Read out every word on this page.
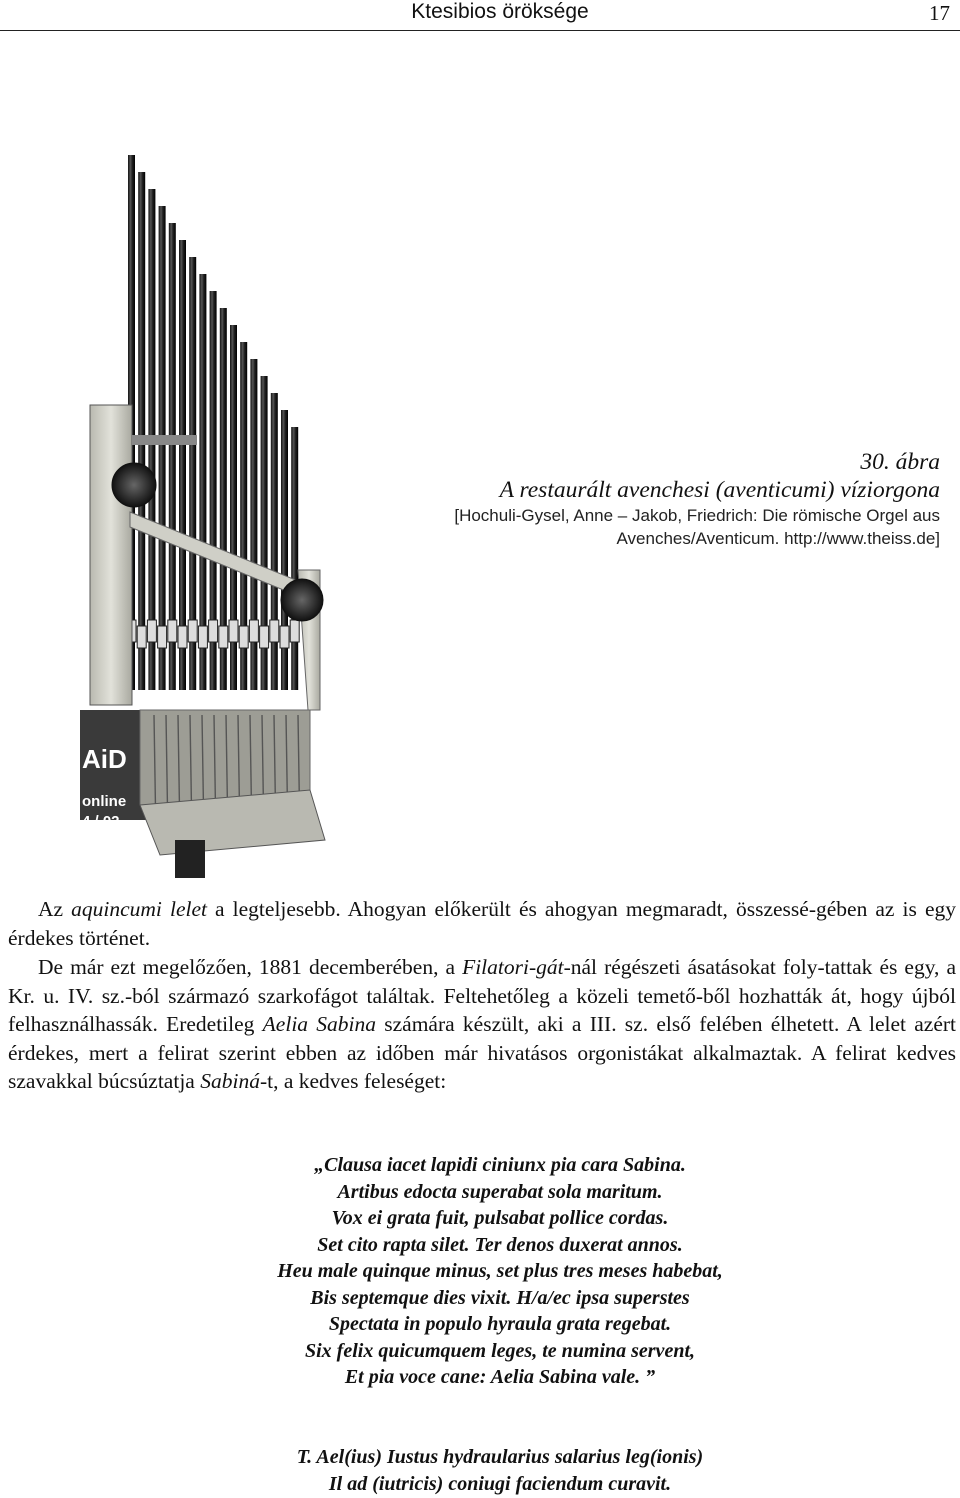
Ktesibios öröksége	17
AiD
online
4 / 02
30. ábra
A restaurált avenchesi (aventicumi) víziorgona
[Hochuli-Gysel, Anne – Jakob, Friedrich: Die römische Orgel aus
Avenches/Aventicum. http://www.theiss.de]
Az aquincumi lelet a legteljesebb. Ahogyan előkerült és ahogyan megmaradt, összessé-gében az is egy érdekes történet.
De már ezt megelőzően, 1881 decemberében, a Filatori-gát-nál régészeti ásatásokat foly-tattak és egy, a Kr. u. IV. sz.-ból származó szarkofágot találtak. Feltehetőleg a közeli temető-ből hozhatták át, hogy újból felhasználhassák. Eredetileg Aelia Sabina számára készült, aki a III. sz. első felében élhetett. A lelet azért érdekes, mert a felirat szerint ebben az időben már hivatásos orgonistákat alkalmaztak. A felirat kedves szavakkal búcsúztatja Sabiná-t, a kedves feleséget:
„Clausa iacet lapidi ciniunx pia cara Sabina.
Artibus edocta superabat sola maritum.
Vox ei grata fuit, pulsabat pollice cordas.
Set cito rapta silet. Ter denos duxerat annos.
Heu male quinque minus, set plus tres meses habebat,
Bis septemque dies vixit. H/a/ec ipsa superstes
Spectata in populo hyraula grata regebat.
Six felix quicumquem leges, te numina servent,
Et pia voce cane: Aelia Sabina vale. ”
T. Ael(ius) Iustus hydraularius salarius leg(ionis)
Il ad (iutricis) coniugi faciendum curavit.
